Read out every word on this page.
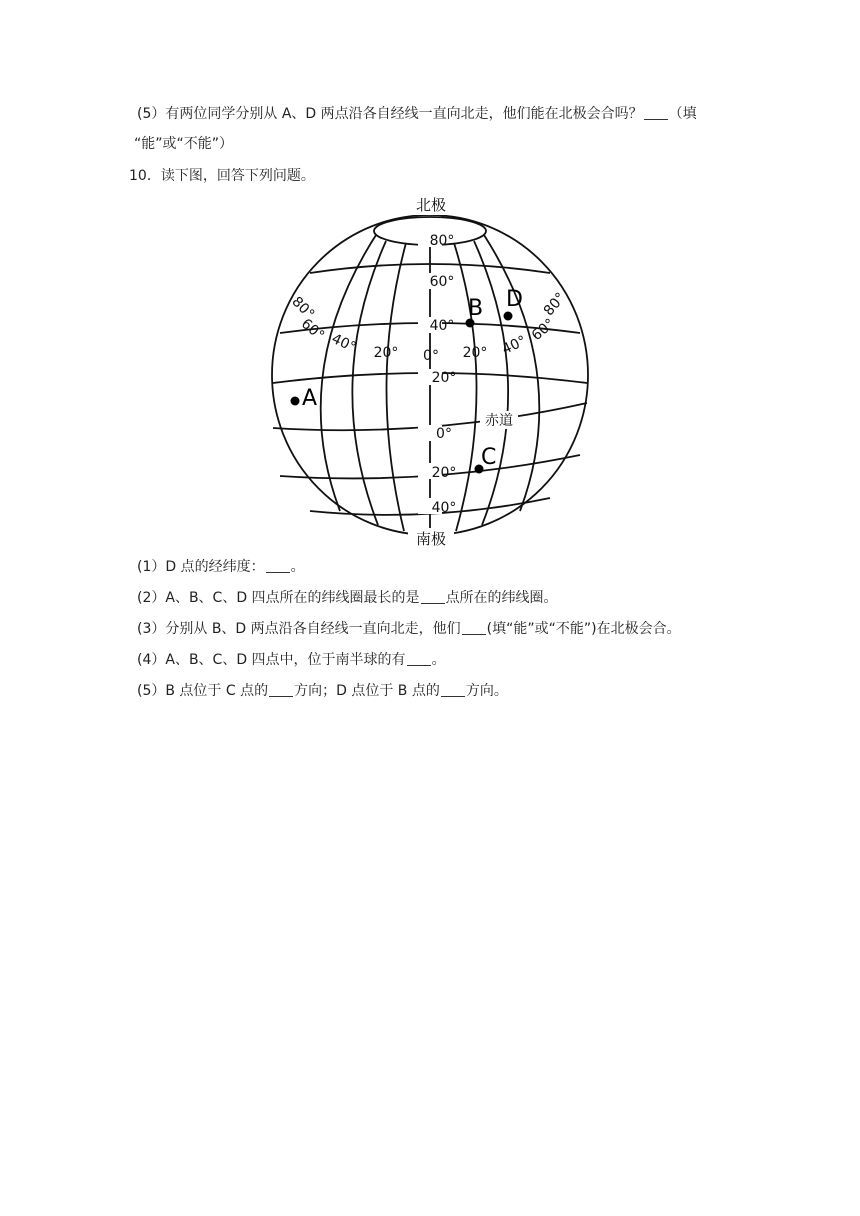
(5）有两位同学分别从 A、D 两点沿各自经线一直向北走，他们能在北极会合吗？ （填
“能”或“不能”）
10．读下图，回答下列问题。
北极
南极
80°
60°
40°
20°
0°
20°
40°
赤道
20° 0° 20° 40°
60°
80°
80°
60° 40°
A
B D
C
(1）D 点的经纬度： 。
(2）A、B、C、D 四点所在的纬线圈最长的是 点所在的纬线圈。
(3）分别从 B、D 两点沿各自经线一直向北走，他们 (填“能”或“不能”)在北极会合。
(4）A、B、C、D 四点中，位于南半球的有 。
(5）B 点位于 C 点的 方向；D 点位于 B 点的 方向。
